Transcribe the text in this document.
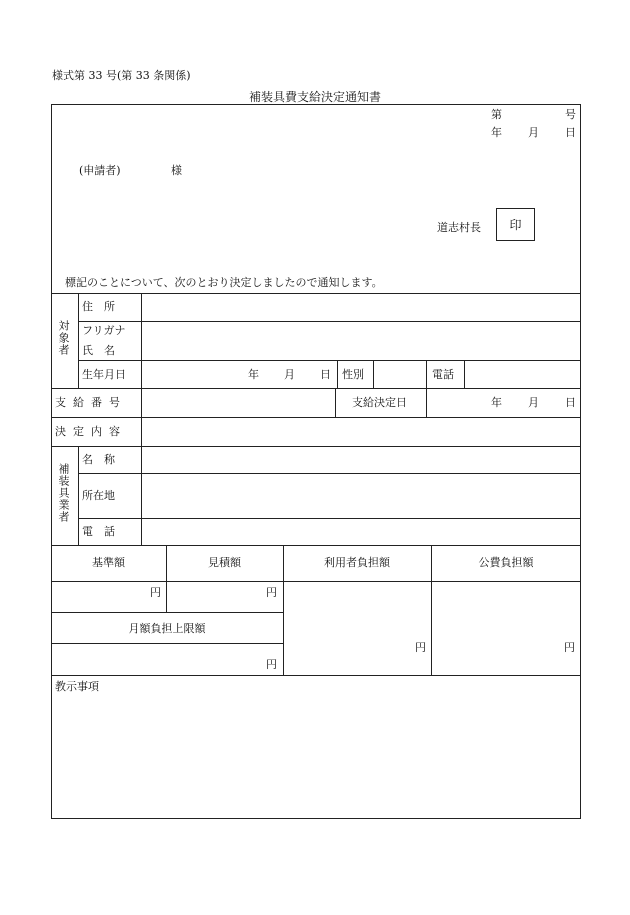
様式第 33 号(第 33 条関係)
補装具費支給決定通知書
第	号
年 月 日
(申請者)	様
道志村長 印
標記のことについて、次のとおり決定しましたので通知します。
対象者
住　所
フリガナ
氏　名
生年月日	年 月 日 性別	電話
支給番号	支給決定日	年 月 日
決定内容
補装具業者
名　称
所在地
電　話
基準額	見積額	利用者負担額	公費負担額
円	円
月額負担上限額
円
円	円
教示事項
